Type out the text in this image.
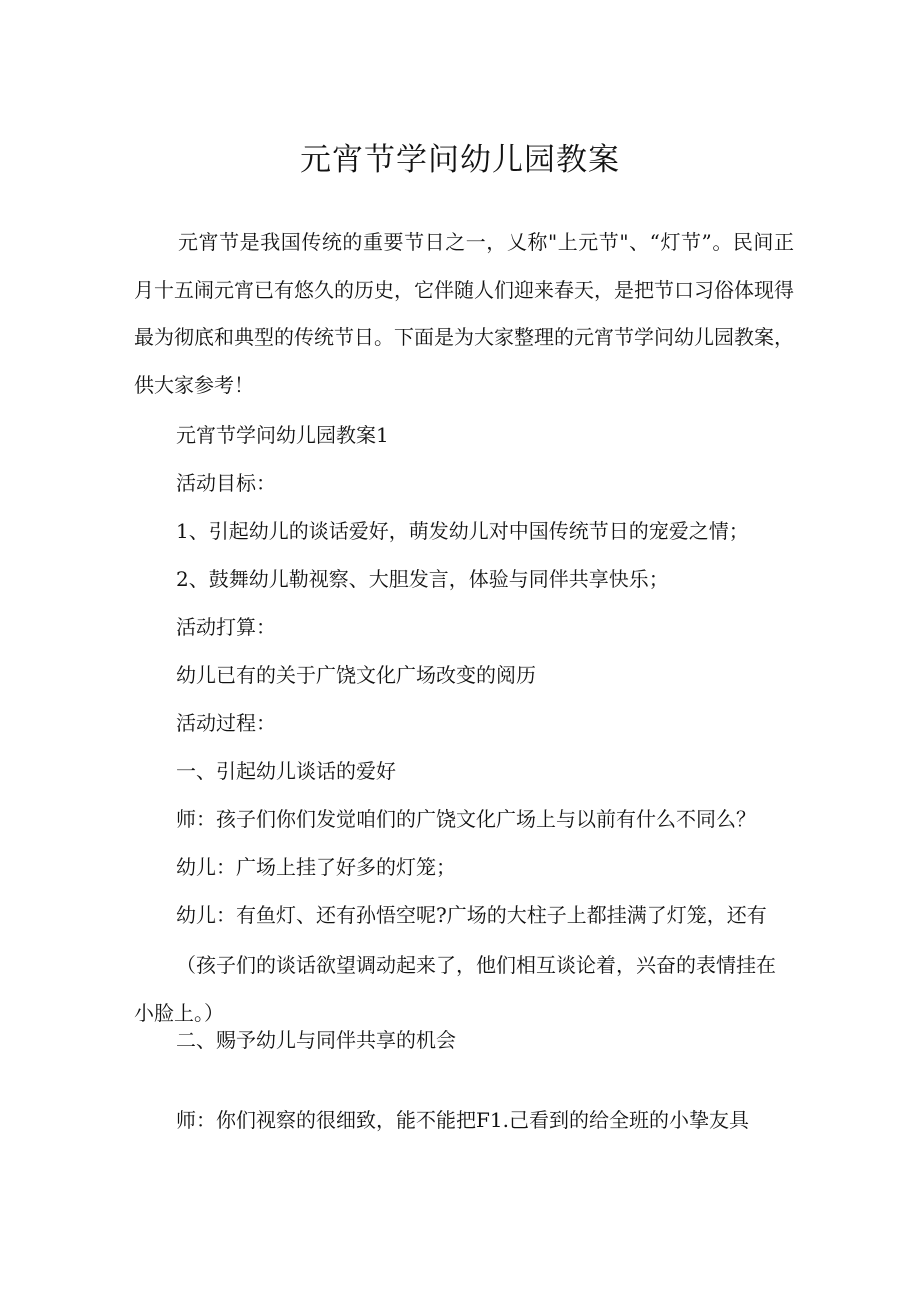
元宵节学问幼儿园教案

元宵节是我国传统的重要节日之一，乂称"上元节"、“灯节”。民间正月十五闹元宵已有悠久的历史，它伴随人们迎来春天，是把节口习俗体现得最为彻底和典型的传统节日。下面是为大家整理的元宵节学问幼儿园教案，供大家参考！

元宵节学问幼儿园教案1

活动目标：

1、引起幼儿的谈话爱好，萌发幼儿对中国传统节日的宠爱之情；

2、鼓舞幼儿勒视察、大胆发言，体验与同伴共享快乐；

活动打算：

幼儿已有的关于广饶文化广场改变的阅历

活动过程：

一、引起幼儿谈话的爱好

师：孩子们你们发觉咱们的广饶文化广场上与以前有什么不同么？

幼儿：广场上挂了好多的灯笼；

幼儿：有鱼灯、还有孙悟空呢?广场的大柱子上都挂满了灯笼，还有

（孩子们的谈话欲望调动起来了，他们相互谈论着，兴奋的表情挂在小脸上。）

二、赐予幼儿与同伴共享的机会

师：你们视察的很细致，能不能把F1.己看到的给全班的小挚友具
